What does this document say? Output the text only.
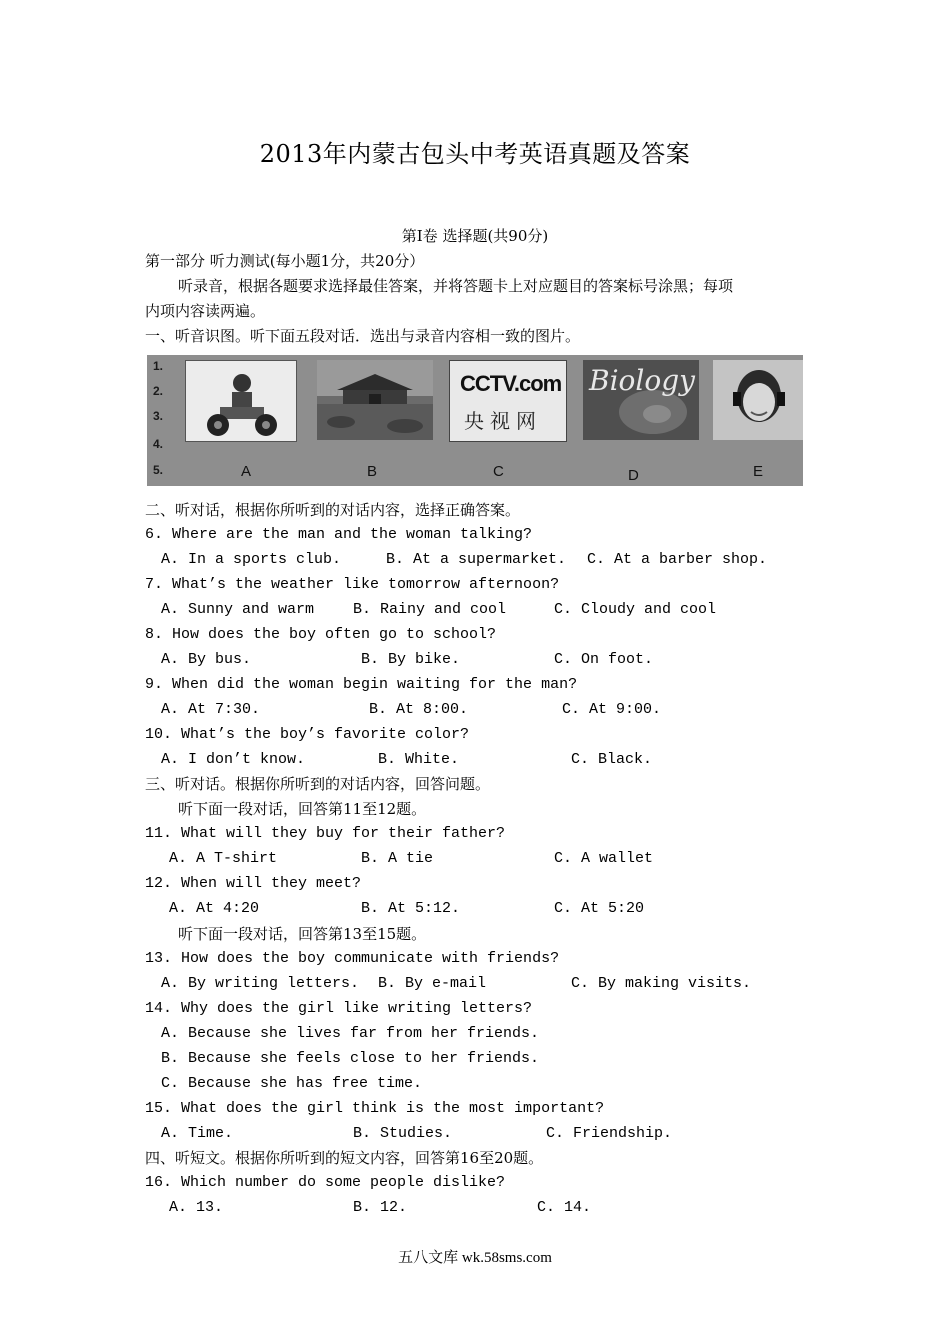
2013年内蒙古包头中考英语真题及答案
第Ⅰ卷 选择题(共90分)
第一部分 听力测试(每小题1分，共20分）
听录音，根据各题要求选择最佳答案，并将答题卡上对应题目的答案标号涂黑；每项
内项内容读两遍。
一、听音识图。听下面五段对话．选出与录音内容相一致的图片。
1.
2.
3.
4.
5.
CCTV.com
央视网
Biology
A	B	C	D	E
二、听对话，根据你所听到的对话内容，选择正确答案。
6. Where are the man and the woman talking?
A. In a sports club.	B. At a supermarket. C. At a barber shop.
7. What’s the weather like tomorrow afternoon?
A. Sunny and warm	B. Rainy and cool	C. Cloudy and cool
8. How does the boy often go to school?
A. By bus.	B. By bike.	C. On foot.
9. When did the woman begin waiting for the man?
A. At 7:30.	B. At 8:00.	C. At 9:00.
10. What’s the boy’s favorite color?
A. I don’t know.	B. White.	C. Black.
三、听对话。根据你所听到的对话内容，回答问题。
听下面一段对话，回答第11至12题。
11. What will they buy for their father?
A. A T-shirt	B. A tie	C. A wallet
12. When will they meet?
A. At 4:20	B. At 5:12.	C. At 5:20
听下面一段对话，回答第13至15题。
13. How does the boy communicate with friends?
A. By writing letters. B. By e-mail	C. By making visits.
14. Why does the girl like writing letters?
A. Because she lives far from her friends.
B. Because she feels close to her friends.
C. Because she has free time.
15. What does the girl think is the most important?
A. Time.	B. Studies.	C. Friendship.
四、听短文。根据你所听到的短文内容，回答第16至20题。
16. Which number do some people dislike?
A. 13.	B. 12.	C. 14.
五八文库 wk.58sms.com
